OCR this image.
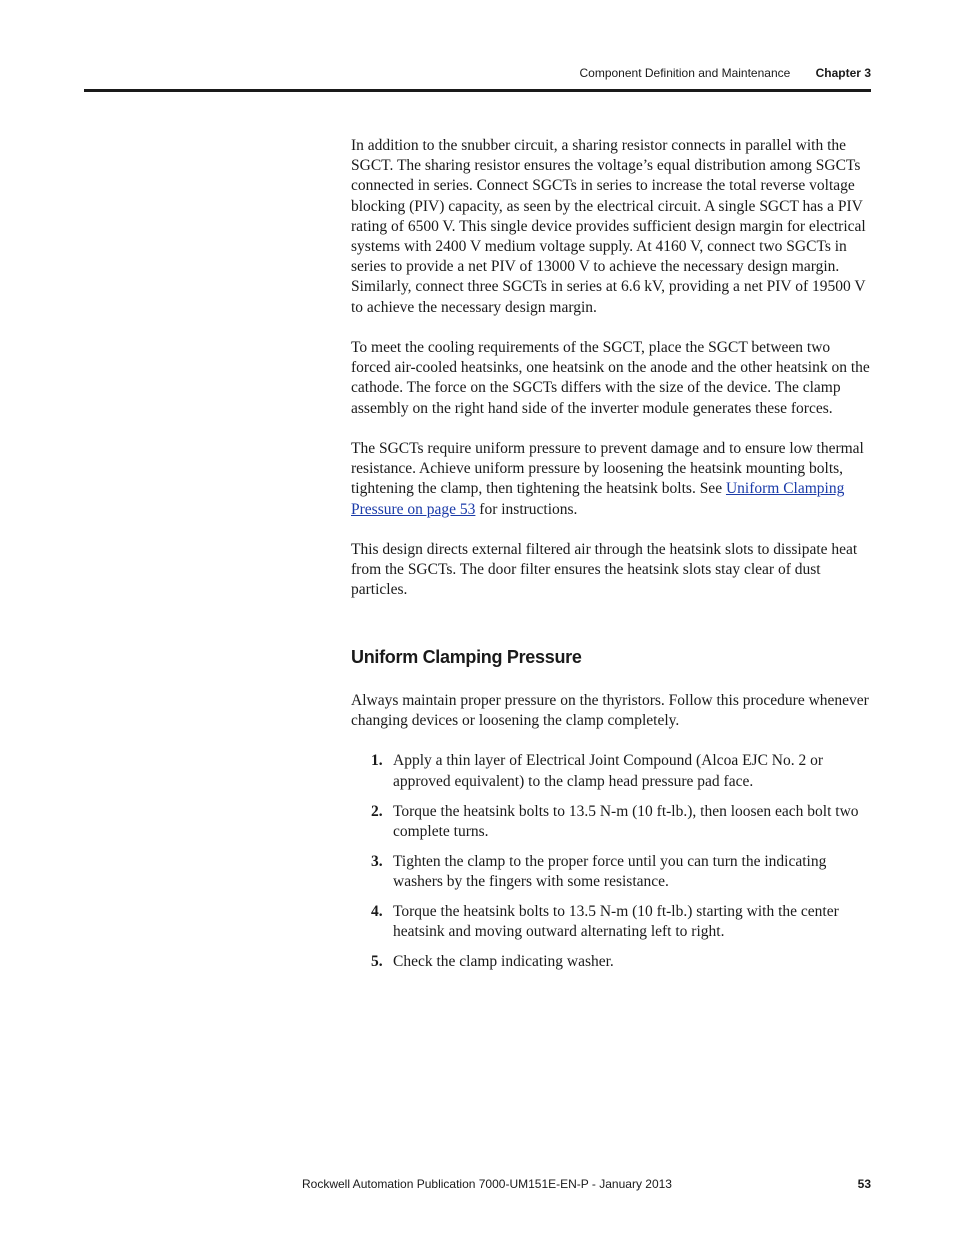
Component Definition and Maintenance Chapter 3

In addition to the snubber circuit, a sharing resistor connects in parallel with the SGCT. The sharing resistor ensures the voltage’s equal distribution among SGCTs connected in series. Connect SGCTs in series to increase the total reverse voltage blocking (PIV) capacity, as seen by the electrical circuit. A single SGCT has a PIV rating of 6500 V. This single device provides sufficient design margin for electrical systems with 2400 V medium voltage supply. At 4160 V, connect two SGCTs in series to provide a net PIV of 13000 V to achieve the necessary design margin. Similarly, connect three SGCTs in series at 6.6 kV, providing a net PIV of 19500 V to achieve the necessary design margin.

To meet the cooling requirements of the SGCT, place the SGCT between two forced air-cooled heatsinks, one heatsink on the anode and the other heatsink on the cathode. The force on the SGCTs differs with the size of the device. The clamp assembly on the right hand side of the inverter module generates these forces.

The SGCTs require uniform pressure to prevent damage and to ensure low thermal resistance. Achieve uniform pressure by loosening the heatsink mounting bolts, tightening the clamp, then tightening the heatsink bolts. See Uniform Clamping Pressure on page 53 for instructions.

This design directs external filtered air through the heatsink slots to dissipate heat from the SGCTs. The door filter ensures the heatsink slots stay clear of dust particles.

Uniform Clamping Pressure

Always maintain proper pressure on the thyristors. Follow this procedure whenever changing devices or loosening the clamp completely.

1. Apply a thin layer of Electrical Joint Compound (Alcoa EJC No. 2 or approved equivalent) to the clamp head pressure pad face.
2. Torque the heatsink bolts to 13.5 N-m (10 ft-lb.), then loosen each bolt two complete turns.
3. Tighten the clamp to the proper force until you can turn the indicating washers by the fingers with some resistance.
4. Torque the heatsink bolts to 13.5 N-m (10 ft-lb.) starting with the center heatsink and moving outward alternating left to right.
5. Check the clamp indicating washer.
Rockwell Automation Publication 7000-UM151E-EN-P - January 2013	53
